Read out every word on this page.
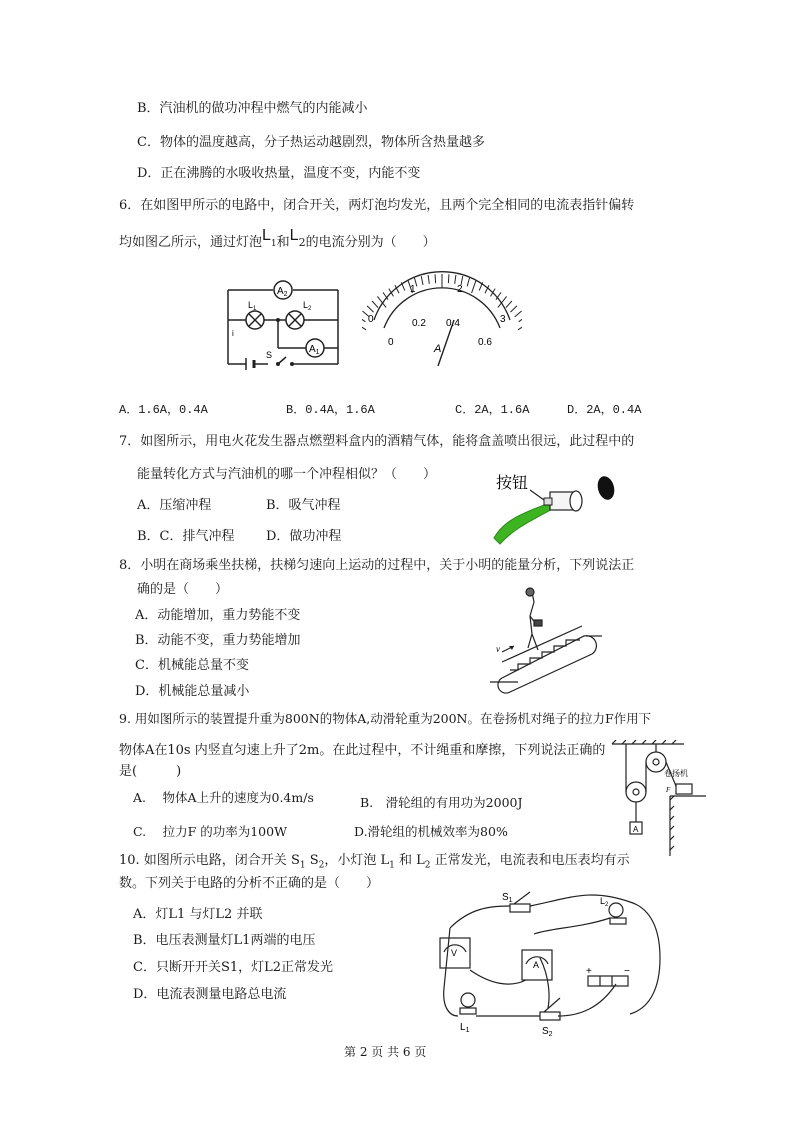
B．汽油机的做功冲程中燃气的内能减小
C．物体的温度越高，分子热运动越剧烈，物体所含热量越多
D．正在沸腾的水吸收热量，温度不变，内能不变
6．在如图甲所示的电路中，闭合开关，两灯泡均发光，且两个完全相同的电流表指针偏转
均如图乙所示，通过灯泡$L_1$和L2的电流分别为（　　）
$A_2$
$A_1$
$L_1$	$L_2$
S
i
0
1	2
3
0
0.2 0.4
0.6
A
A．1.6A，0.4A	B．0.4A，1.6A	C．2A，1.6A	D．2A，0.4A
7．如图所示，用电火花发生器点燃塑料盒内的酒精气体，能将盒盖喷出很远，此过程中的
能量转化方式与汽油机的哪一个冲程相似？（　　）
A．压缩冲程	B．吸气冲程
B．C．排气冲程 D．做功冲程
按钮
8．小明在商场乘坐扶梯，扶梯匀速向上运动的过程中，关于小明的能量分析，下列说法正
确的是（　　）
A．动能增加，重力势能不变
B．动能不变，重力势能增加
C．机械能总量不变
D．机械能总量减小
v
9. 用如图所示的装置提升重为800N的物体A,动滑轮重为200N。在卷扬机对绳子的拉力F作用下
物体A在10s 内竖直匀速上升了2m。在此过程中，不计绳重和摩擦，下列说法正确的
是(　　　)
A.　 物体A上升的速度为0.4m/s	B.　滑轮组的有用功为2000J
C.　 拉力F 的功率为100W	D.滑轮组的机械效率为80%
卷扬机
F
A
10. 如图所示电路，闭合开关 $S_1$ $S_2$，小灯泡 $L_1$ 和 $L_2$ 正常发光，电流表和电压表均有示
数。下列关于电路的分析不正确的是（　　）
A．灯L1 与灯L2 并联
B．电压表测量灯L1两端的电压
C．只断开开关S1，灯L2正常发光
D．电流表测量电路总电流
V
A
$S_1$
$S_2$
$L_2$
$L_1$
+	−
第 2 页 共 6 页
